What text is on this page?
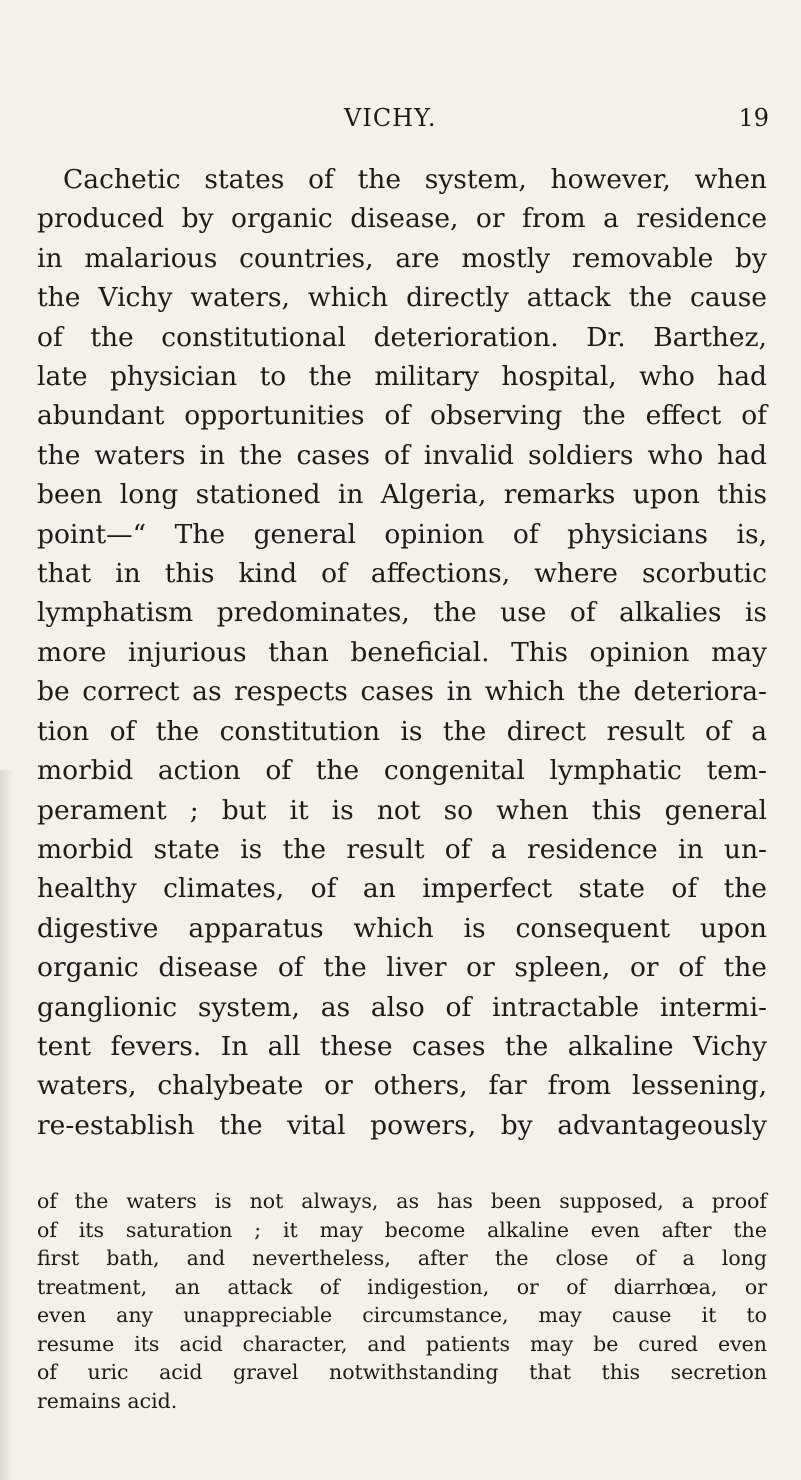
VICHY.	19
Cachetic states of the system, however, when
produced by organic disease, or from a residence
in malarious countries, are mostly removable by
the Vichy waters, which directly attack the cause
of the constitutional deterioration. Dr. Barthez,
late physician to the military hospital, who had
abundant opportunities of observing the effect of
the waters in the cases of invalid soldiers who had
been long stationed in Algeria, remarks upon this
point—“ The general opinion of physicians is,
that in this kind of affections, where scorbutic
lymphatism predominates, the use of alkalies is
more injurious than beneficial. This opinion may
be correct as respects cases in which the deteriora-
tion of the constitution is the direct result of a
morbid action of the congenital lymphatic tem-
perament ; but it is not so when this general
morbid state is the result of a residence in un-
healthy climates, of an imperfect state of the
digestive apparatus which is consequent upon
organic disease of the liver or spleen, or of the
ganglionic system, as also of intractable intermi-
tent fevers. In all these cases the alkaline Vichy
waters, chalybeate or others, far from lessening,
re-establish the vital powers, by advantageously
of the waters is not always, as has been supposed, a proof
of its saturation ; it may become alkaline even after the
first bath, and nevertheless, after the close of a long
treatment, an attack of indigestion, or of diarrhœa, or
even any unappreciable circumstance, may cause it to
resume its acid character, and patients may be cured even
of uric acid gravel notwithstanding that this secretion
remains acid.
